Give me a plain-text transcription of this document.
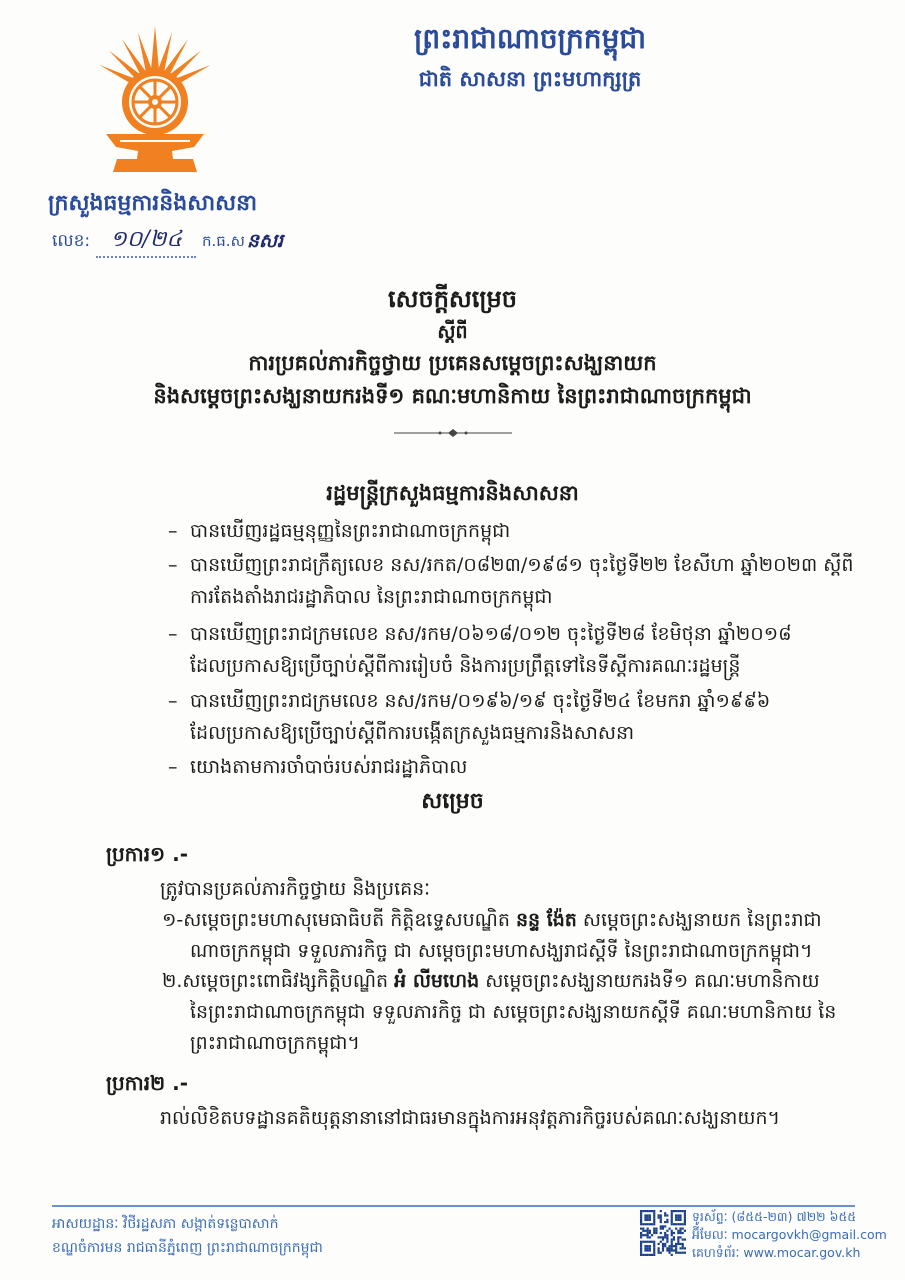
ព្រះរាជាណាចក្រកម្ពុជា
ជាតិ សាសនា ព្រះមហាក្សត្រ
ក្រសួងធម្មការនិងសាសនា
លេខ: ១០/២៤ ក.ធ.ស នសរ
សេចក្តីសម្រេច
ស្តីពី
ការប្រគល់ភារកិច្ចថ្វាយ ប្រគេនសម្តេចព្រះសង្ឃនាយក
និងសម្តេចព្រះសង្ឃនាយករងទី១ គណៈមហានិកាយ នៃព្រះរាជាណាចក្រកម្ពុជា
រដ្ឋមន្ត្រីក្រសួងធម្មការនិងសាសនា
– បានឃើញរដ្ឋធម្មនុញ្ញនៃព្រះរាជាណាចក្រកម្ពុជា
– បានឃើញព្រះរាជក្រឹត្យលេខ នស/រកត/០៨២៣/១៩៨១ ចុះថ្ងៃទី២២ ខែសីហា ឆ្នាំ២០២៣ ស្តីពី
ការតែងតាំងរាជរដ្ឋាភិបាល នៃព្រះរាជាណាចក្រកម្ពុជា
– បានឃើញព្រះរាជក្រមលេខ នស/រកម/០៦១៨/០១២ ចុះថ្ងៃទី២៨ ខែមិថុនា ឆ្នាំ២០១៨
ដែលប្រកាសឱ្យប្រើច្បាប់ស្តីពីការរៀបចំ និងការប្រព្រឹត្តទៅនៃទីស្តីការគណៈរដ្ឋមន្ត្រី
– បានឃើញព្រះរាជក្រមលេខ នស/រកម/០១៩៦/១៩ ចុះថ្ងៃទី២៤ ខែមករា ឆ្នាំ១៩៩៦
ដែលប្រកាសឱ្យប្រើច្បាប់ស្តីពីការបង្កើតក្រសួងធម្មការនិងសាសនា
– យោងតាមការចាំបាច់របស់រាជរដ្ឋាភិបាល
សម្រេច
ប្រការ១ .-
ត្រូវបានប្រគល់ភារកិច្ចថ្វាយ និងប្រគេនៈ
១-សម្តេចព្រះមហាសុមេធាធិបតី កិត្តិឧទ្ទេសបណ្ឌិត នន្ទ ង៉ែត សម្តេចព្រះសង្ឃនាយក នៃព្រះរាជា
ណាចក្រកម្ពុជា ទទួលភារកិច្ច ជា សម្តេចព្រះមហាសង្ឃរាជស្តីទី នៃព្រះរាជាណាចក្រកម្ពុជា។
២.សម្តេចព្រះពោធិវង្សកិត្តិបណ្ឌិត អំ លីមហេង សម្តេចព្រះសង្ឃនាយករងទី១ គណៈមហានិកាយ
នៃព្រះរាជាណាចក្រកម្ពុជា ទទួលភារកិច្ច ជា សម្តេចព្រះសង្ឃនាយកស្តីទី គណៈមហានិកាយ នៃ
ព្រះរាជាណាចក្រកម្ពុជា។
ប្រការ២ .-
រាល់លិខិតបទដ្ឋានគតិយុត្តនានានៅជាធរមានក្នុងការអនុវត្តភារកិច្ចរបស់គណៈសង្ឃនាយក។
អាសយដ្ឋានៈ វិថីរដ្ឋសភា សង្កាត់ទន្លេបាសាក់
ខណ្ឌចំការមន រាជធានីភ្នំពេញ ព្រះរាជាណាចក្រកម្ពុជា
ទូរស័ព្ទៈ (៨៥៥-២៣) ៧២២ ៦៥៥
អ៊ីមែលៈ mocargovkh@gmail.com
គេហទំព័រៈ www.mocar.gov.kh
